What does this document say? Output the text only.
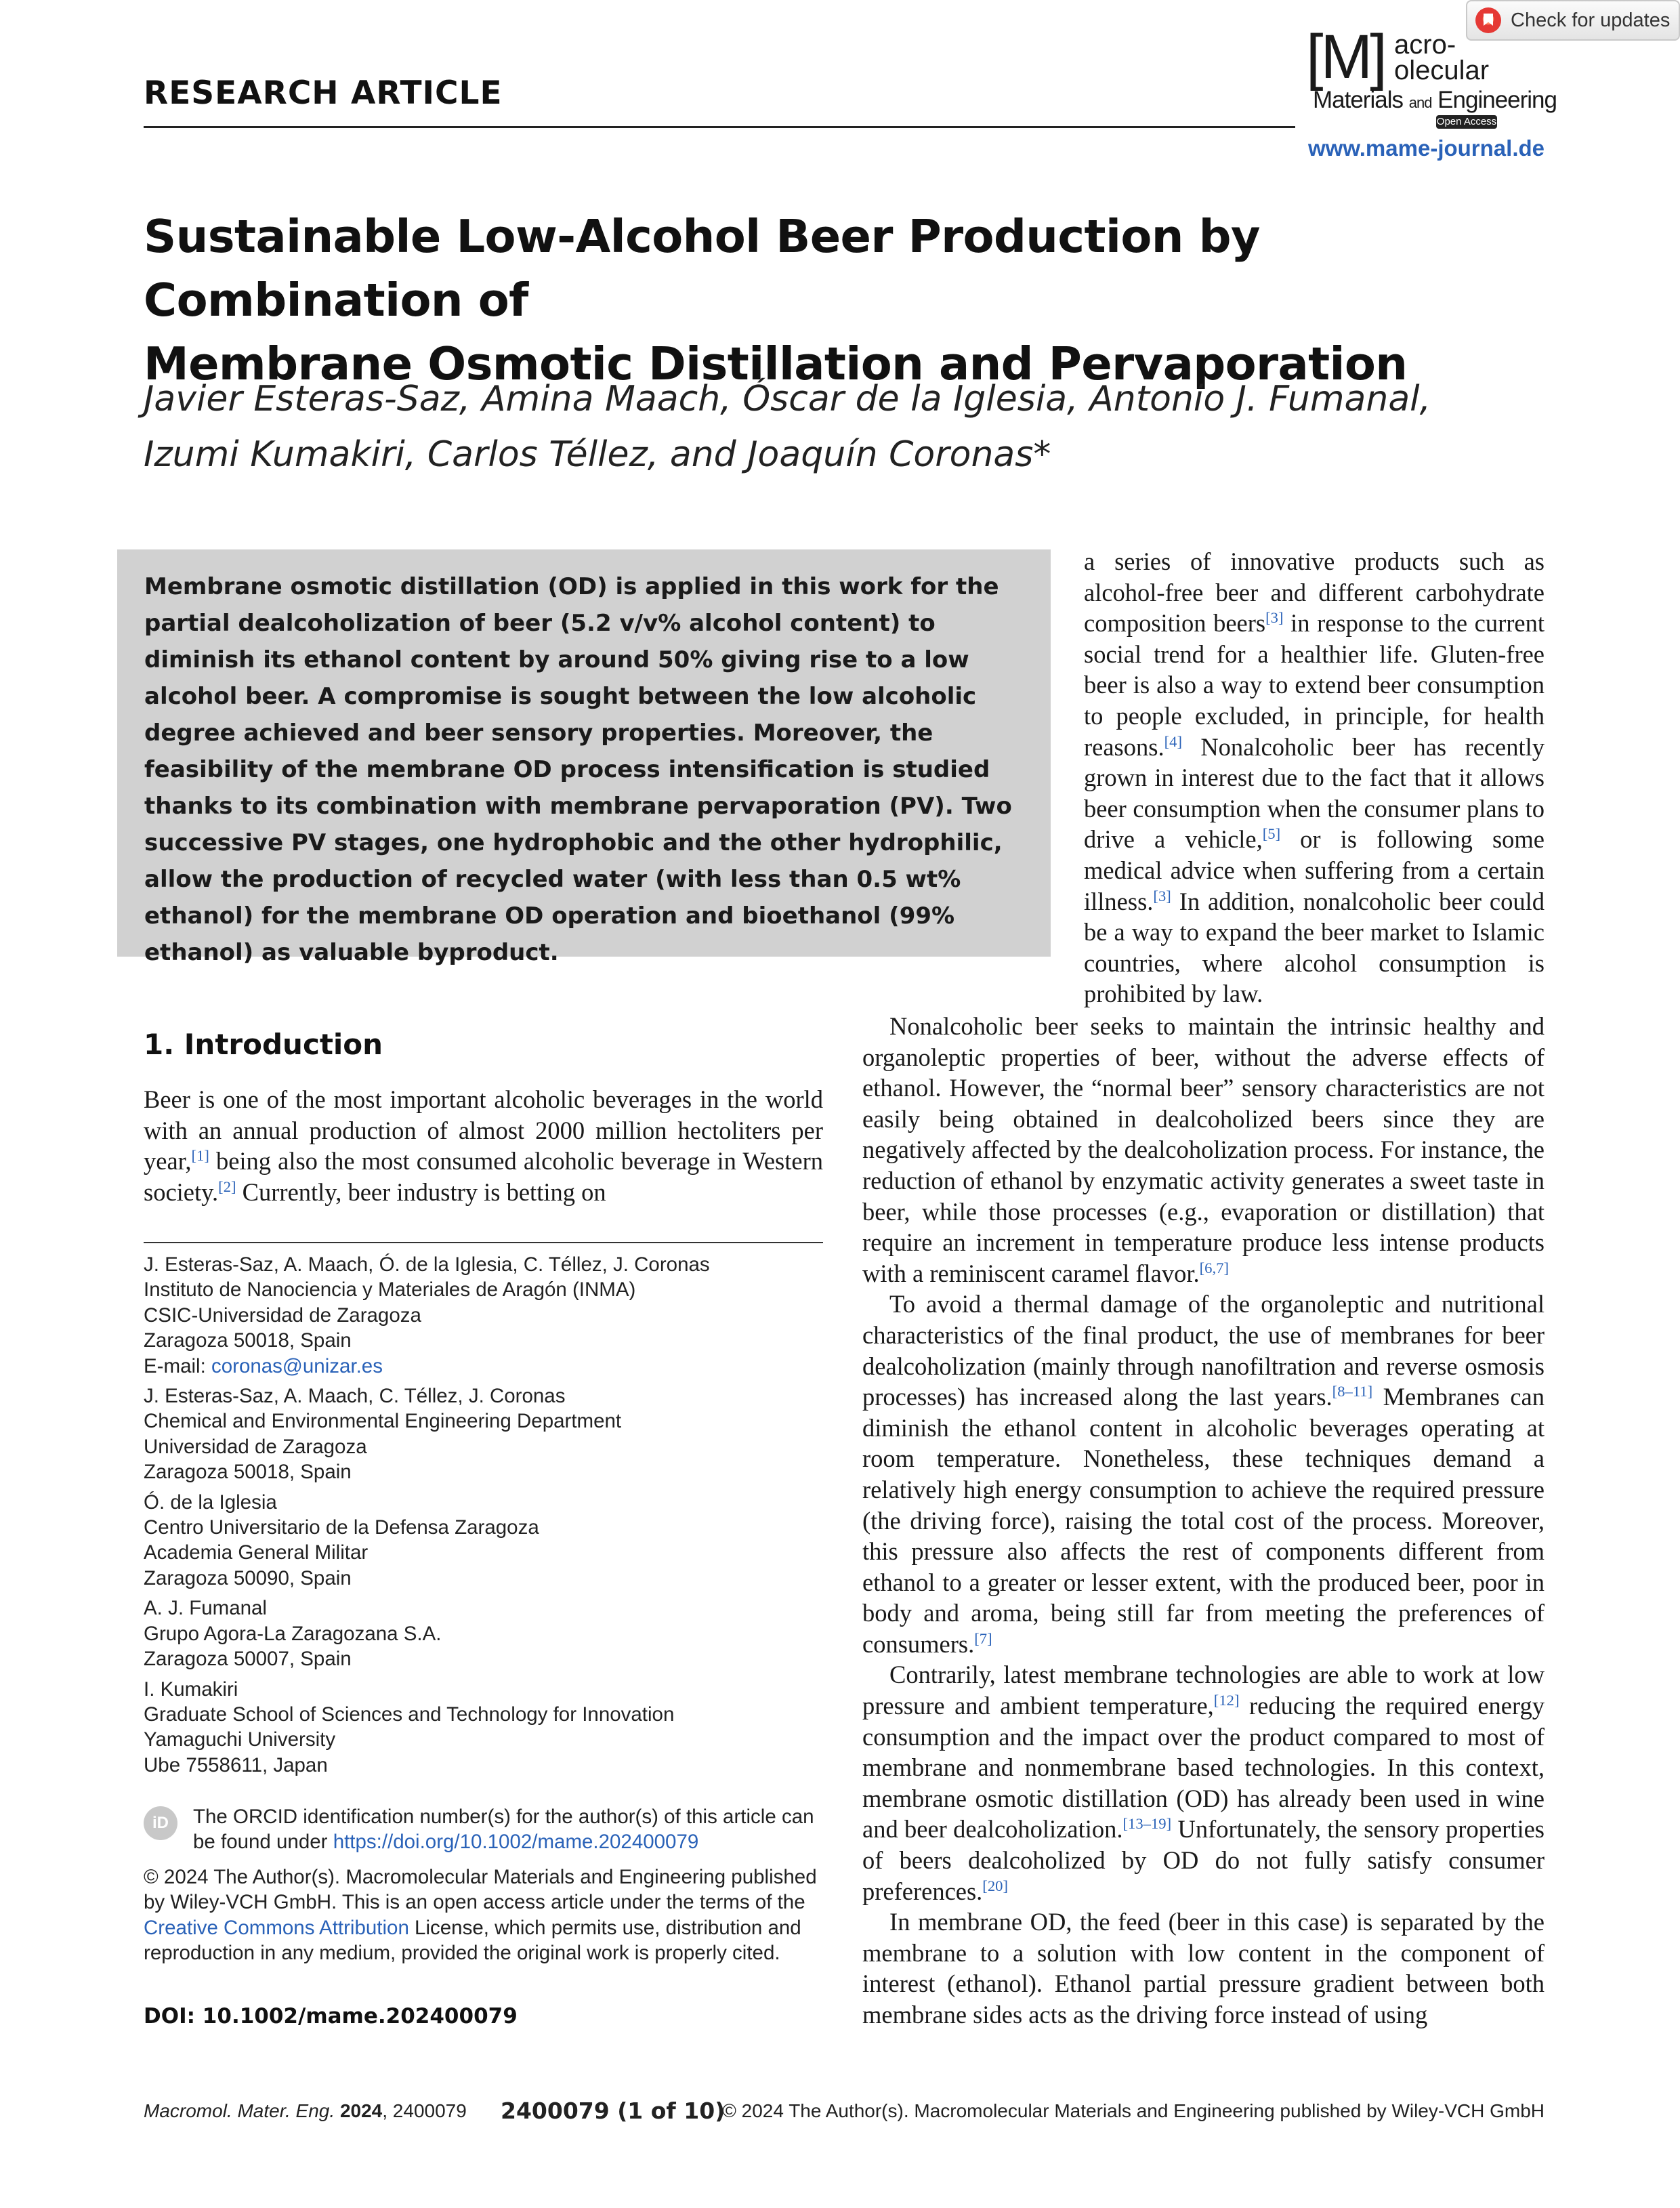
Check for updates
RESEARCH ARTICLE
[M] acro-
olecular
Materials and Engineering
Open Access
www.mame-journal.de
Sustainable Low-Alcohol Beer Production by Combination of
Membrane Osmotic Distillation and Pervaporation
Javier Esteras-Saz, Amina Maach, Óscar de la Iglesia, Antonio J. Fumanal,
Izumi Kumakiri, Carlos Téllez, and Joaquín Coronas*

Membrane osmotic distillation (OD) is applied in this work for the partial dealcoholization of beer (5.2 v/v% alcohol content) to diminish its ethanol content by around 50% giving rise to a low alcohol beer. A compromise is sought between the low alcoholic degree achieved and beer sensory properties. Moreover, the feasibility of the membrane OD process intensification is studied thanks to its combination with membrane pervaporation (PV). Two successive PV stages, one hydrophobic and the other hydrophilic, allow the production of recycled water (with less than 0.5 wt% ethanol) for the membrane OD operation and bioethanol (99% ethanol) as valuable byproduct.

a series of innovative products such as alcohol-free beer and different carbohydrate composition beers[3] in response to the current social trend for a healthier life. Gluten-free beer is also a way to extend beer consumption to people excluded, in principle, for health reasons.[4] Nonalcoholic beer has recently grown in interest due to the fact that it allows beer consumption when the consumer plans to drive a vehicle,[5] or is following some medical advice when suffering from a certain illness.[3] In addition, nonalcoholic beer could be a way to expand the beer market to Islamic countries, where alcohol consumption is prohibited by law.

Nonalcoholic beer seeks to maintain the intrinsic healthy and organoleptic properties of beer, without the adverse effects of ethanol. However, the “normal beer” sensory characteristics are not easily being obtained in dealcoholized beers since they are negatively affected by the dealcoholization process. For instance, the reduction of ethanol by enzymatic activity generates a sweet taste in beer, while those processes (e.g., evaporation or distillation) that require an increment in temperature produce less intense products with a reminiscent caramel flavor.[6,7]

To avoid a thermal damage of the organoleptic and nutritional characteristics of the final product, the use of membranes for beer dealcoholization (mainly through nanofiltration and reverse osmosis processes) has increased along the last years.[8–11] Membranes can diminish the ethanol content in alcoholic beverages operating at room temperature. Nonetheless, these techniques demand a relatively high energy consumption to achieve the required pressure (the driving force), raising the total cost of the process. Moreover, this pressure also affects the rest of components different from ethanol to a greater or lesser extent, with the produced beer, poor in body and aroma, being still far from meeting the preferences of consumers.[7]

Contrarily, latest membrane technologies are able to work at low pressure and ambient temperature,[12] reducing the required energy consumption and the impact over the product compared to most of membrane and nonmembrane based technologies. In this context, membrane osmotic distillation (OD) has already been used in wine and beer dealcoholization.[13–19] Unfortunately, the sensory properties of beers dealcoholized by OD do not fully satisfy consumer preferences.[20]

In membrane OD, the feed (beer in this case) is separated by the membrane to a solution with low content in the component of interest (ethanol). Ethanol partial pressure gradient between both membrane sides acts as the driving force instead of using

1. Introduction

Beer is one of the most important alcoholic beverages in the world with an annual production of almost 2000 million hectoliters per year,[1] being also the most consumed alcoholic beverage in Western society.[2] Currently, beer industry is betting on

J. Esteras-Saz, A. Maach, Ó. de la Iglesia, C. Téllez, J. Coronas
Instituto de Nanociencia y Materiales de Aragón (INMA)
CSIC-Universidad de Zaragoza
Zaragoza 50018, Spain
E-mail: coronas@unizar.es
J. Esteras-Saz, A. Maach, C. Téllez, J. Coronas
Chemical and Environmental Engineering Department
Universidad de Zaragoza
Zaragoza 50018, Spain
Ó. de la Iglesia
Centro Universitario de la Defensa Zaragoza
Academia General Militar
Zaragoza 50090, Spain
A. J. Fumanal
Grupo Agora-La Zaragozana S.A.
Zaragoza 50007, Spain
I. Kumakiri
Graduate School of Sciences and Technology for Innovation
Yamaguchi University
Ube 7558611, Japan
iD	The ORCID identification number(s) for the author(s) of this article can be found under https://doi.org/10.1002/mame.202400079
© 2024 The Author(s). Macromolecular Materials and Engineering published by Wiley-VCH GmbH. This is an open access article under the terms of the Creative Commons Attribution License, which permits use, distribution and reproduction in any medium, provided the original work is properly cited.
DOI: 10.1002/mame.202400079
Macromol. Mater. Eng. 2024, 2400079 2400079 (1 of 10)
© 2024 The Author(s). Macromolecular Materials and Engineering published by Wiley-VCH GmbH
